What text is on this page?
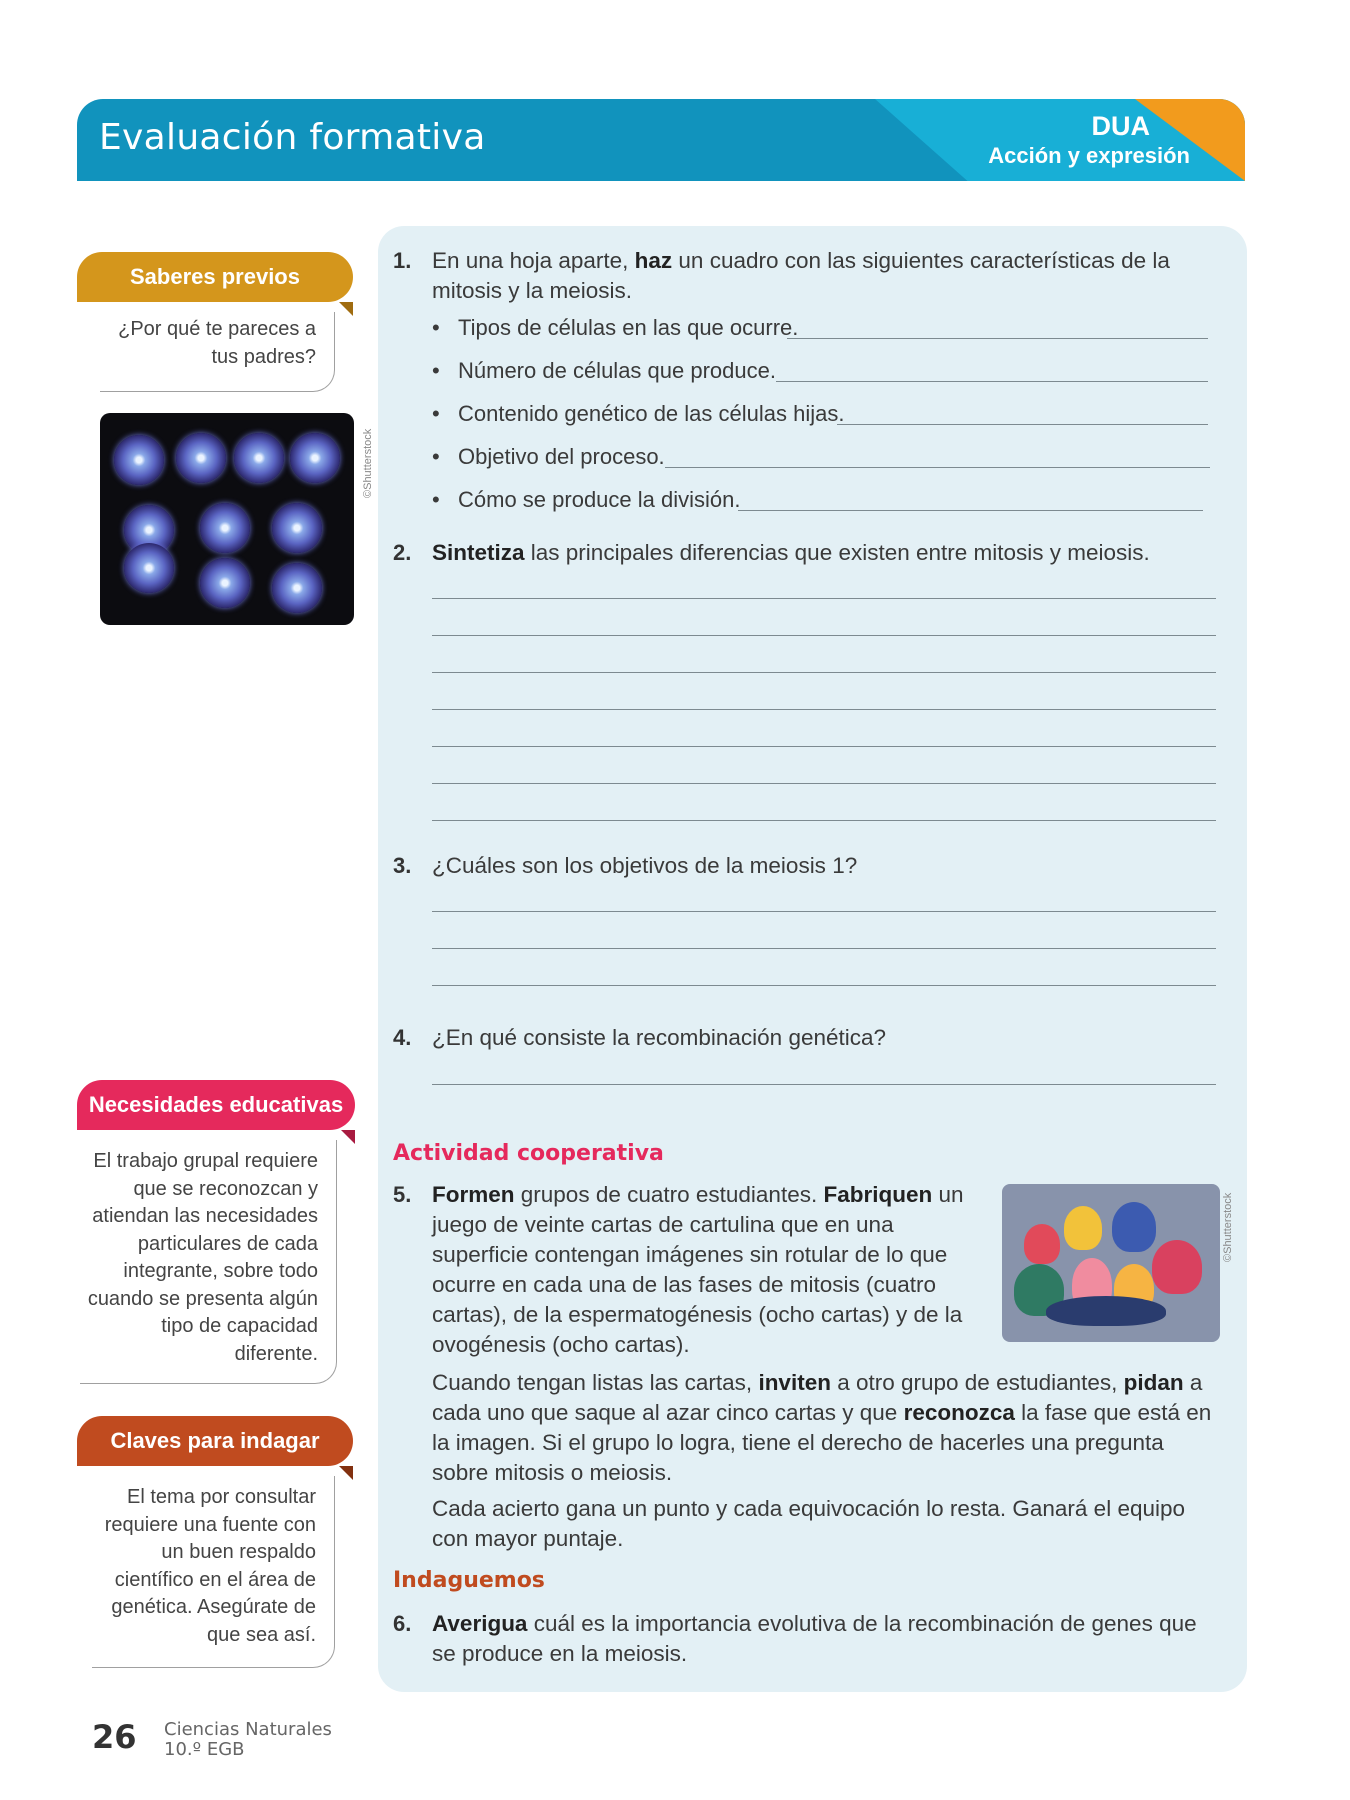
Evaluación formativa	DUA
Acción y expresión
Saberes previos
¿Por qué te pareces a tus padres?
©Shutterstock
Necesidades educativas
El trabajo grupal requiere que se reconozcan y atiendan las necesidades particulares de cada integrante, sobre todo cuando se presenta algún tipo de capacidad diferente.
Claves para indagar
El tema por consultar requiere una fuente con un buen respaldo científico en el área de genética. Asegúrate de que sea así.
1. En una hoja aparte, haz un cuadro con las siguientes características de la mitosis y la meiosis.
• Tipos de células en las que ocurre.
• Número de células que produce.
• Contenido genético de las células hijas.
• Objetivo del proceso.
• Cómo se produce la división.
2. Sintetiza las principales diferencias que existen entre mitosis y meiosis.
3. ¿Cuáles son los objetivos de la meiosis 1?
4. ¿En qué consiste la recombinación genética?
Actividad cooperativa
5. Formen grupos de cuatro estudiantes. Fabriquen un juego de veinte cartas de cartulina que en una superficie contengan imágenes sin rotular de lo que ocurre en cada una de las fases de mitosis (cuatro cartas), de la espermatogénesis (ocho cartas) y de la ovogénesis (ocho cartas).
©Shutterstock
Cuando tengan listas las cartas, inviten a otro grupo de estudiantes, pidan a cada uno que saque al azar cinco cartas y que reconozca la fase que está en la imagen. Si el grupo lo logra, tiene el derecho de hacerles una pregunta sobre mitosis o meiosis.
Cada acierto gana un punto y cada equivocación lo resta. Ganará el equipo con mayor puntaje.
Indaguemos
6. Averigua cuál es la importancia evolutiva de la recombinación de genes que se produce en la meiosis.
26 Ciencias Naturales
10.º EGB
